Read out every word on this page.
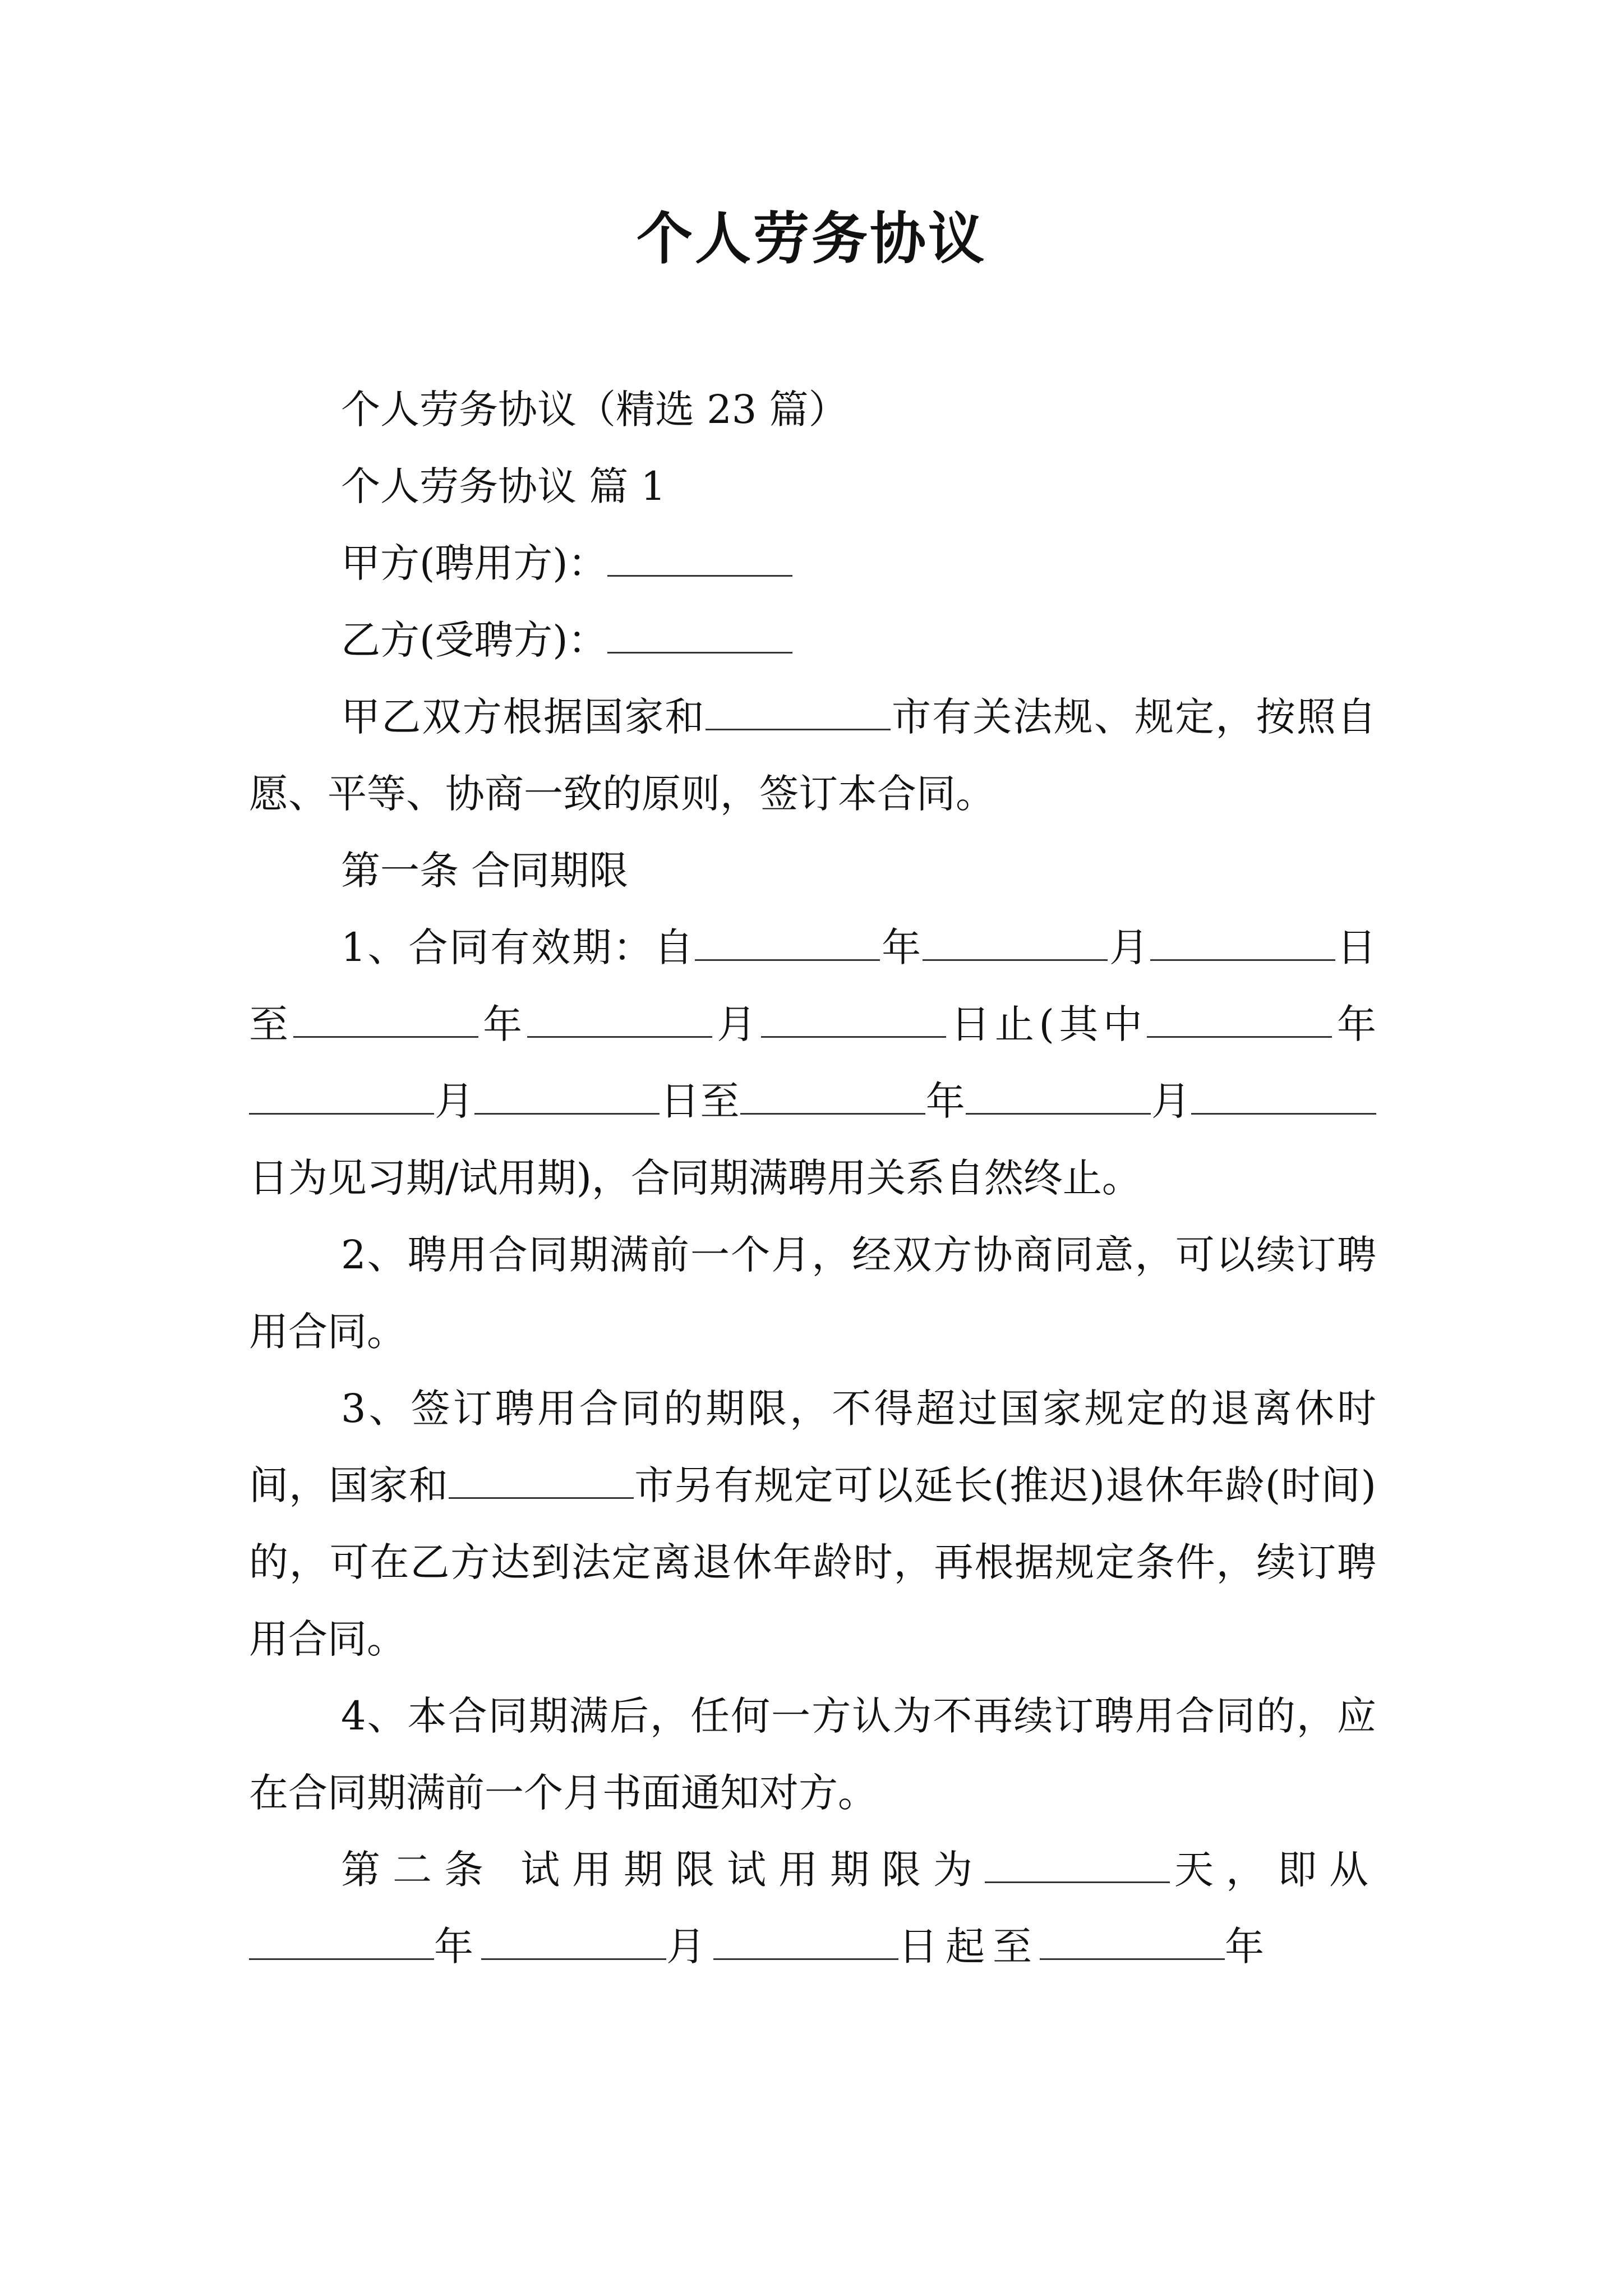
个人劳务协议

个人劳务协议（精选 23 篇）

个人劳务协议 篇 1

甲方(聘用方)：

乙方(受聘方)：

甲乙双方根据国家和	市有关法规、规定，按照自愿、平等、协商一致的原则，签订本合同。

第一条 合同期限

1、合同有效期：自	年	月	日至	年	月	日止(其中	年月	日至	年	月日为见习期/试用期)，合同期满聘用关系自然终止。

2、聘用合同期满前一个月，经双方协商同意，可以续订聘用合同。

3、签订聘用合同的期限，不得超过国家规定的退离休时间，国家和	市另有规定可以延长(推迟)退休年龄(时间)的，可在乙方达到法定离退休年龄时，再根据规定条件，续订聘用合同。

4、本合同期满后，任何一方认为不再续订聘用合同的，应在合同期满前一个月书面通知对方。

第二条 试用期限试用期限为	天，即从年	月	日起至	年
